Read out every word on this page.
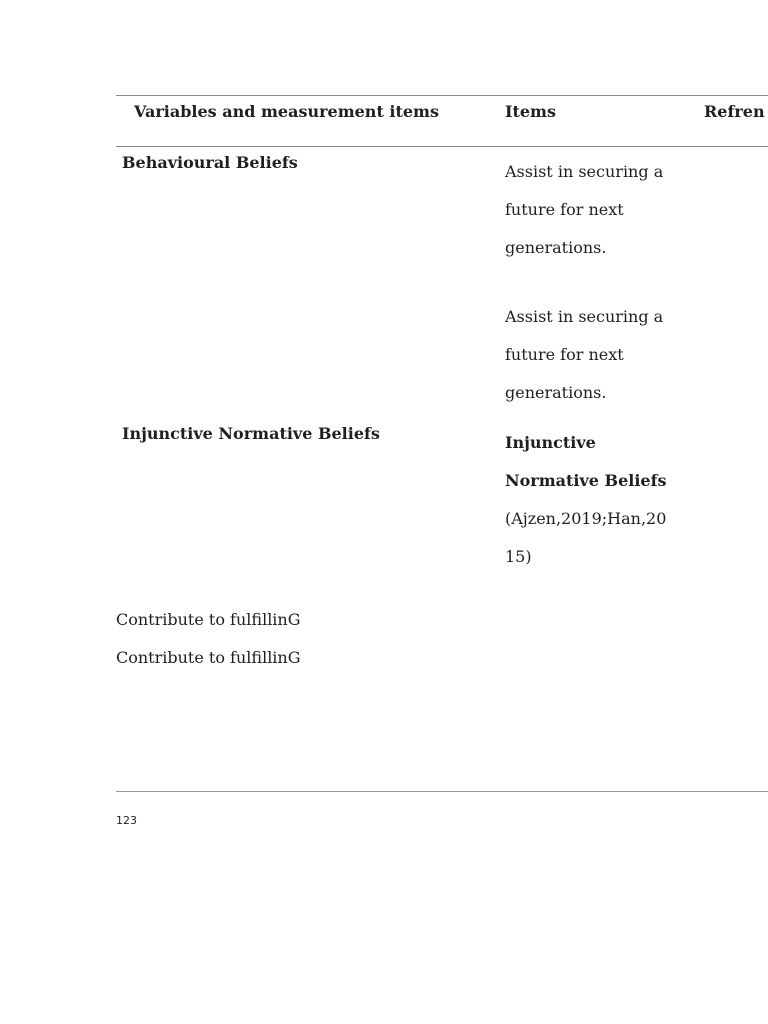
Variables and measurement items	Items	Refren
Behavioural Beliefs	Assist in securing a
future for next
generations.
Assist in securing a
future for next
generations.
Injunctive Normative Beliefs	Injunctive
Normative Beliefs
(Ajzen,2019;Han,20
15)
Contribute to fulfillinG
Contribute to fulfillinG
123
